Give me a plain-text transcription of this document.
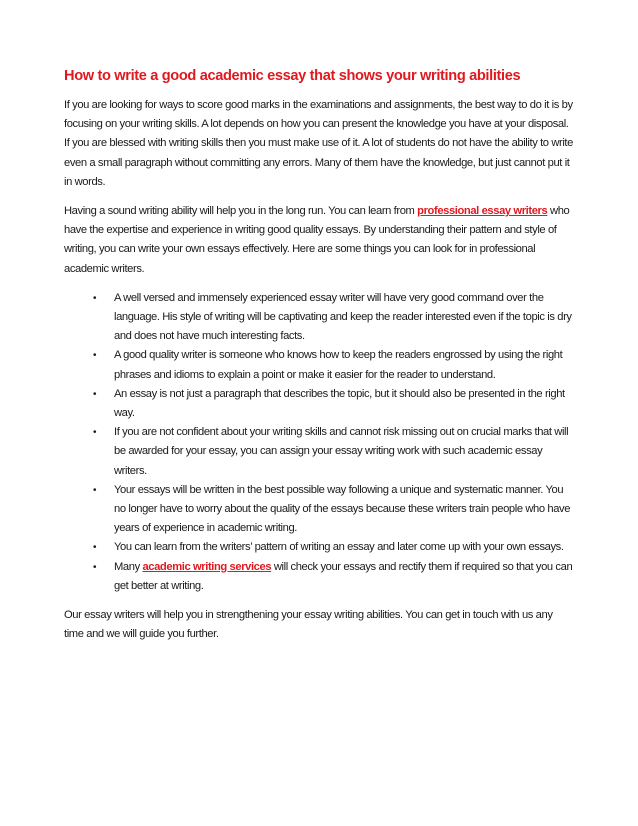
How to write a good academic essay that shows your writing abilities

If you are looking for ways to score good marks in the examinations and assignments, the best way to do it is by focusing on your writing skills. A lot depends on how you can present the knowledge you have at your disposal. If you are blessed with writing skills then you must make use of it. A lot of students do not have the ability to write even a small paragraph without committing any errors. Many of them have the knowledge, but just cannot put it in words.

Having a sound writing ability will help you in the long run. You can learn from professional essay writers who have the expertise and experience in writing good quality essays. By understanding their pattern and style of writing, you can write your own essays effectively. Here are some things you can look for in professional academic writers.

• A well versed and immensely experienced essay writer will have very good command over the language. His style of writing will be captivating and keep the reader interested even if the topic is dry and does not have much interesting facts.
• A good quality writer is someone who knows how to keep the readers engrossed by using the right phrases and idioms to explain a point or make it easier for the reader to understand.
• An essay is not just a paragraph that describes the topic, but it should also be presented in the right way.
• If you are not confident about your writing skills and cannot risk missing out on crucial marks that will be awarded for your essay, you can assign your essay writing work with such academic essay writers.
• Your essays will be written in the best possible way following a unique and systematic manner. You no longer have to worry about the quality of the essays because these writers train people who have years of experience in academic writing.
• You can learn from the writers’ pattern of writing an essay and later come up with your own essays.
• Many academic writing services will check your essays and rectify them if required so that you can get better at writing.

Our essay writers will help you in strengthening your essay writing abilities. You can get in touch with us any time and we will guide you further.
